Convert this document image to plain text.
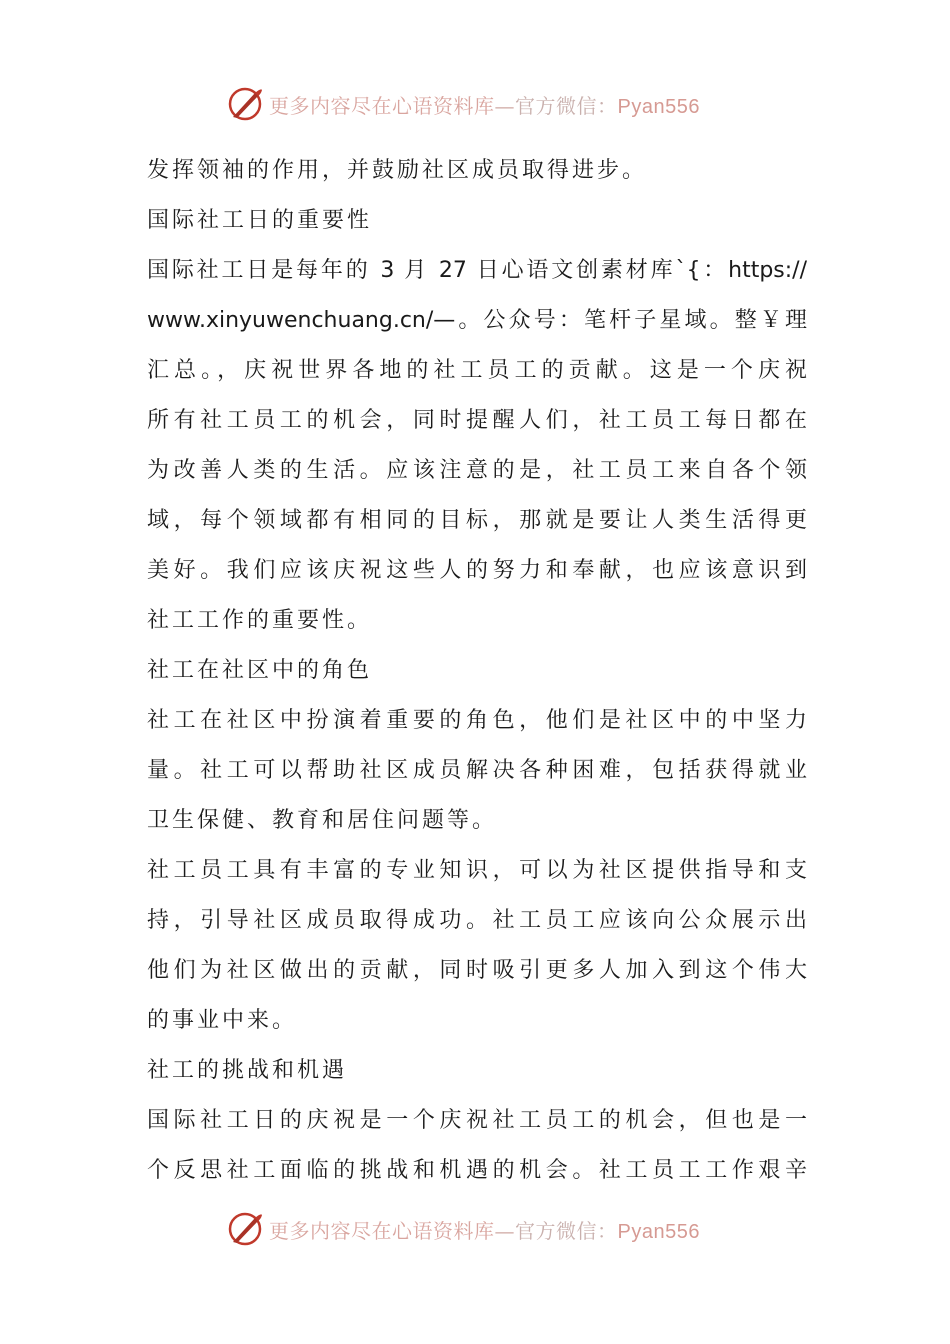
更多内容尽在心语资料库—官方微信：Pyan556
发挥领袖的作用，并鼓励社区成员取得进步。
国际社工日的重要性
国际社工日是每年的 3 月 27 日心语文创素材库`{：https://
www.xinyuwenchuang.cn/—。公众号：笔杆子星域。整￥理
汇总。，庆祝世界各地的社工员工的贡献。这是一个庆祝
所有社工员工的机会，同时提醒人们，社工员工每日都在
为改善人类的生活。应该注意的是，社工员工来自各个领
域，每个领域都有相同的目标，那就是要让人类生活得更
美好。我们应该庆祝这些人的努力和奉献，也应该意识到
社工工作的重要性。
社工在社区中的角色
社工在社区中扮演着重要的角色，他们是社区中的中坚力
量。社工可以帮助社区成员解决各种困难，包括获得就业
卫生保健、教育和居住问题等。
社工员工具有丰富的专业知识，可以为社区提供指导和支
持，引导社区成员取得成功。社工员工应该向公众展示出
他们为社区做出的贡献，同时吸引更多人加入到这个伟大
的事业中来。
社工的挑战和机遇
国际社工日的庆祝是一个庆祝社工员工的机会，但也是一
个反思社工面临的挑战和机遇的机会。社工员工工作艰辛
更多内容尽在心语资料库—官方微信：Pyan556
